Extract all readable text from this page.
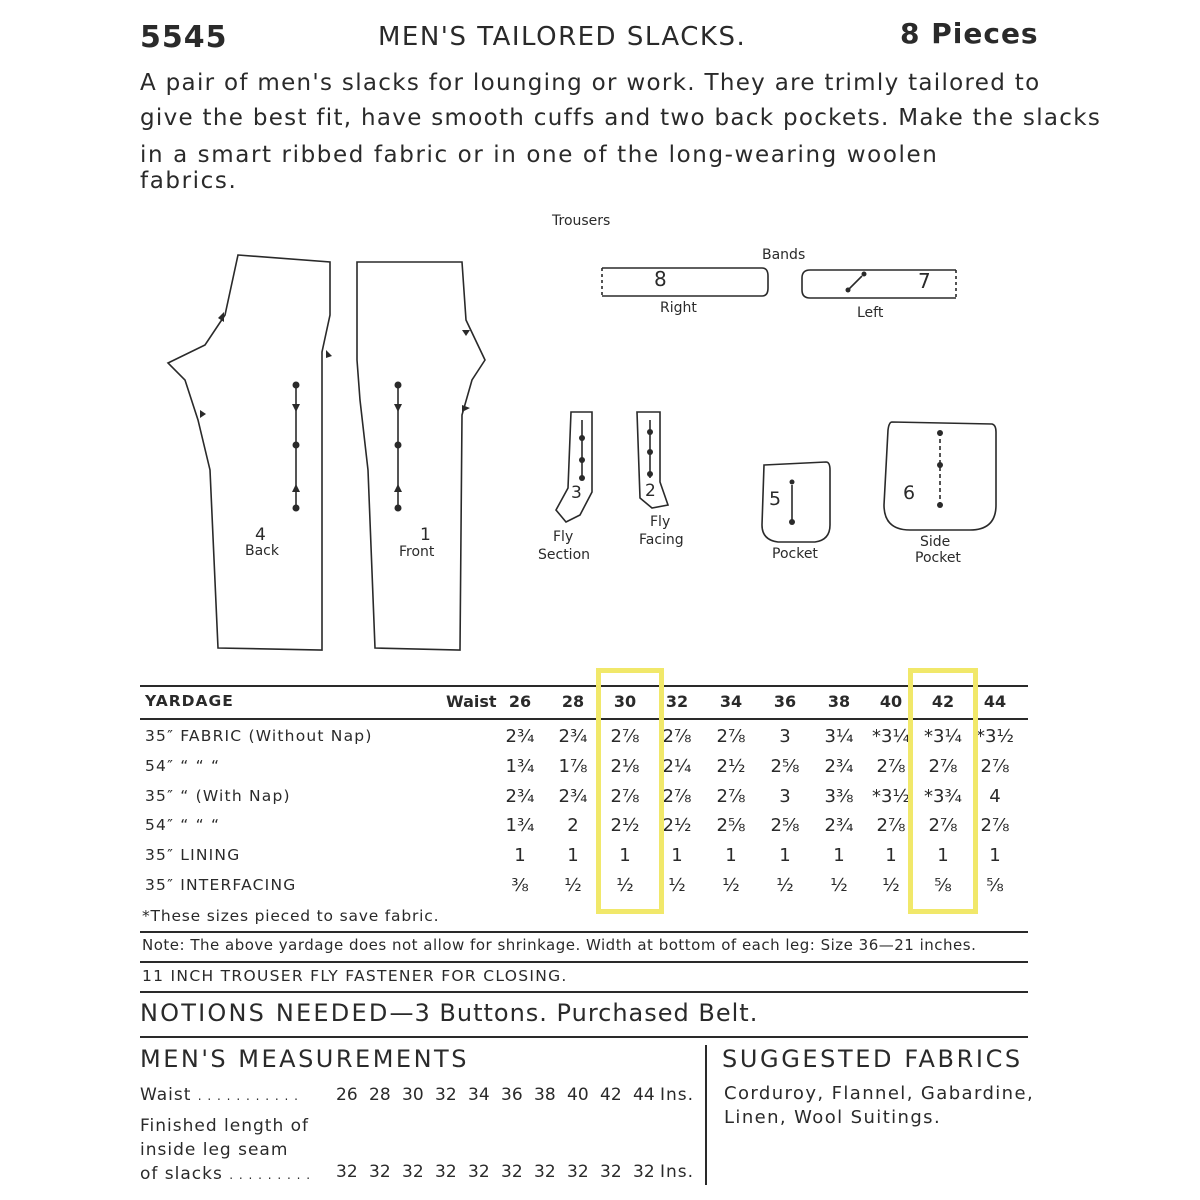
5545	MEN'S TAILORED SLACKS.	8 Pieces
A pair of men's slacks for lounging or work. They are trimly tailored to
give the best fit, have smooth cuffs and two back pockets. Make the slacks
in a smart ribbed fabric or in one of the long-wearing woolen fabrics.
Trousers
Bands
8
Right
7
Left
4
Back
1
Front
3
Fly
Section
2
Fly
Facing
5
Pocket
6
Side
Pocket
YARDAGE	Waist 26	28	30	32	34	36	38	40	42	44
35″ FABRIC (Without Nap)	2¾	2¾	2⅞	2⅞	2⅞	3	3¼	*3¼ *3¼ *3½
54″ “ “ “	1¾	1⅞	2⅛	2¼	2½	2⅝	2¾	2⅞	2⅞	2⅞
35″ “ (With Nap)	2¾	2¾	2⅞	2⅞	2⅞	3	3⅜	*3½ *3¾	4
54″ “ “ “	1¾	2	2½	2½	2⅝	2⅝	2¾	2⅞	2⅞	2⅞
35″ LINING	1	1	1	1	1	1	1	1	1	1
35″ INTERFACING	⅜	½	½	½	½	½	½	½	⅝	⅝
*These sizes pieced to save fabric.
Note: The above yardage does not allow for shrinkage. Width at bottom of each leg: Size 36—21 inches.
11 INCH TROUSER FLY FASTENER FOR CLOSING.
NOTIONS NEEDED—3 Buttons. Purchased Belt.
MEN'S MEASUREMENTS
Waist . . . . . . . . . . . 26 28 30 32 34 36 38 40 42 44 Ins.
Finished length of
inside leg seam
of slacks . . . . . . . . . 32 32 32 32 32 32 32 32 32 32 Ins.
SUGGESTED FABRICS
Corduroy, Flannel, Gabardine,
Linen, Wool Suitings.
